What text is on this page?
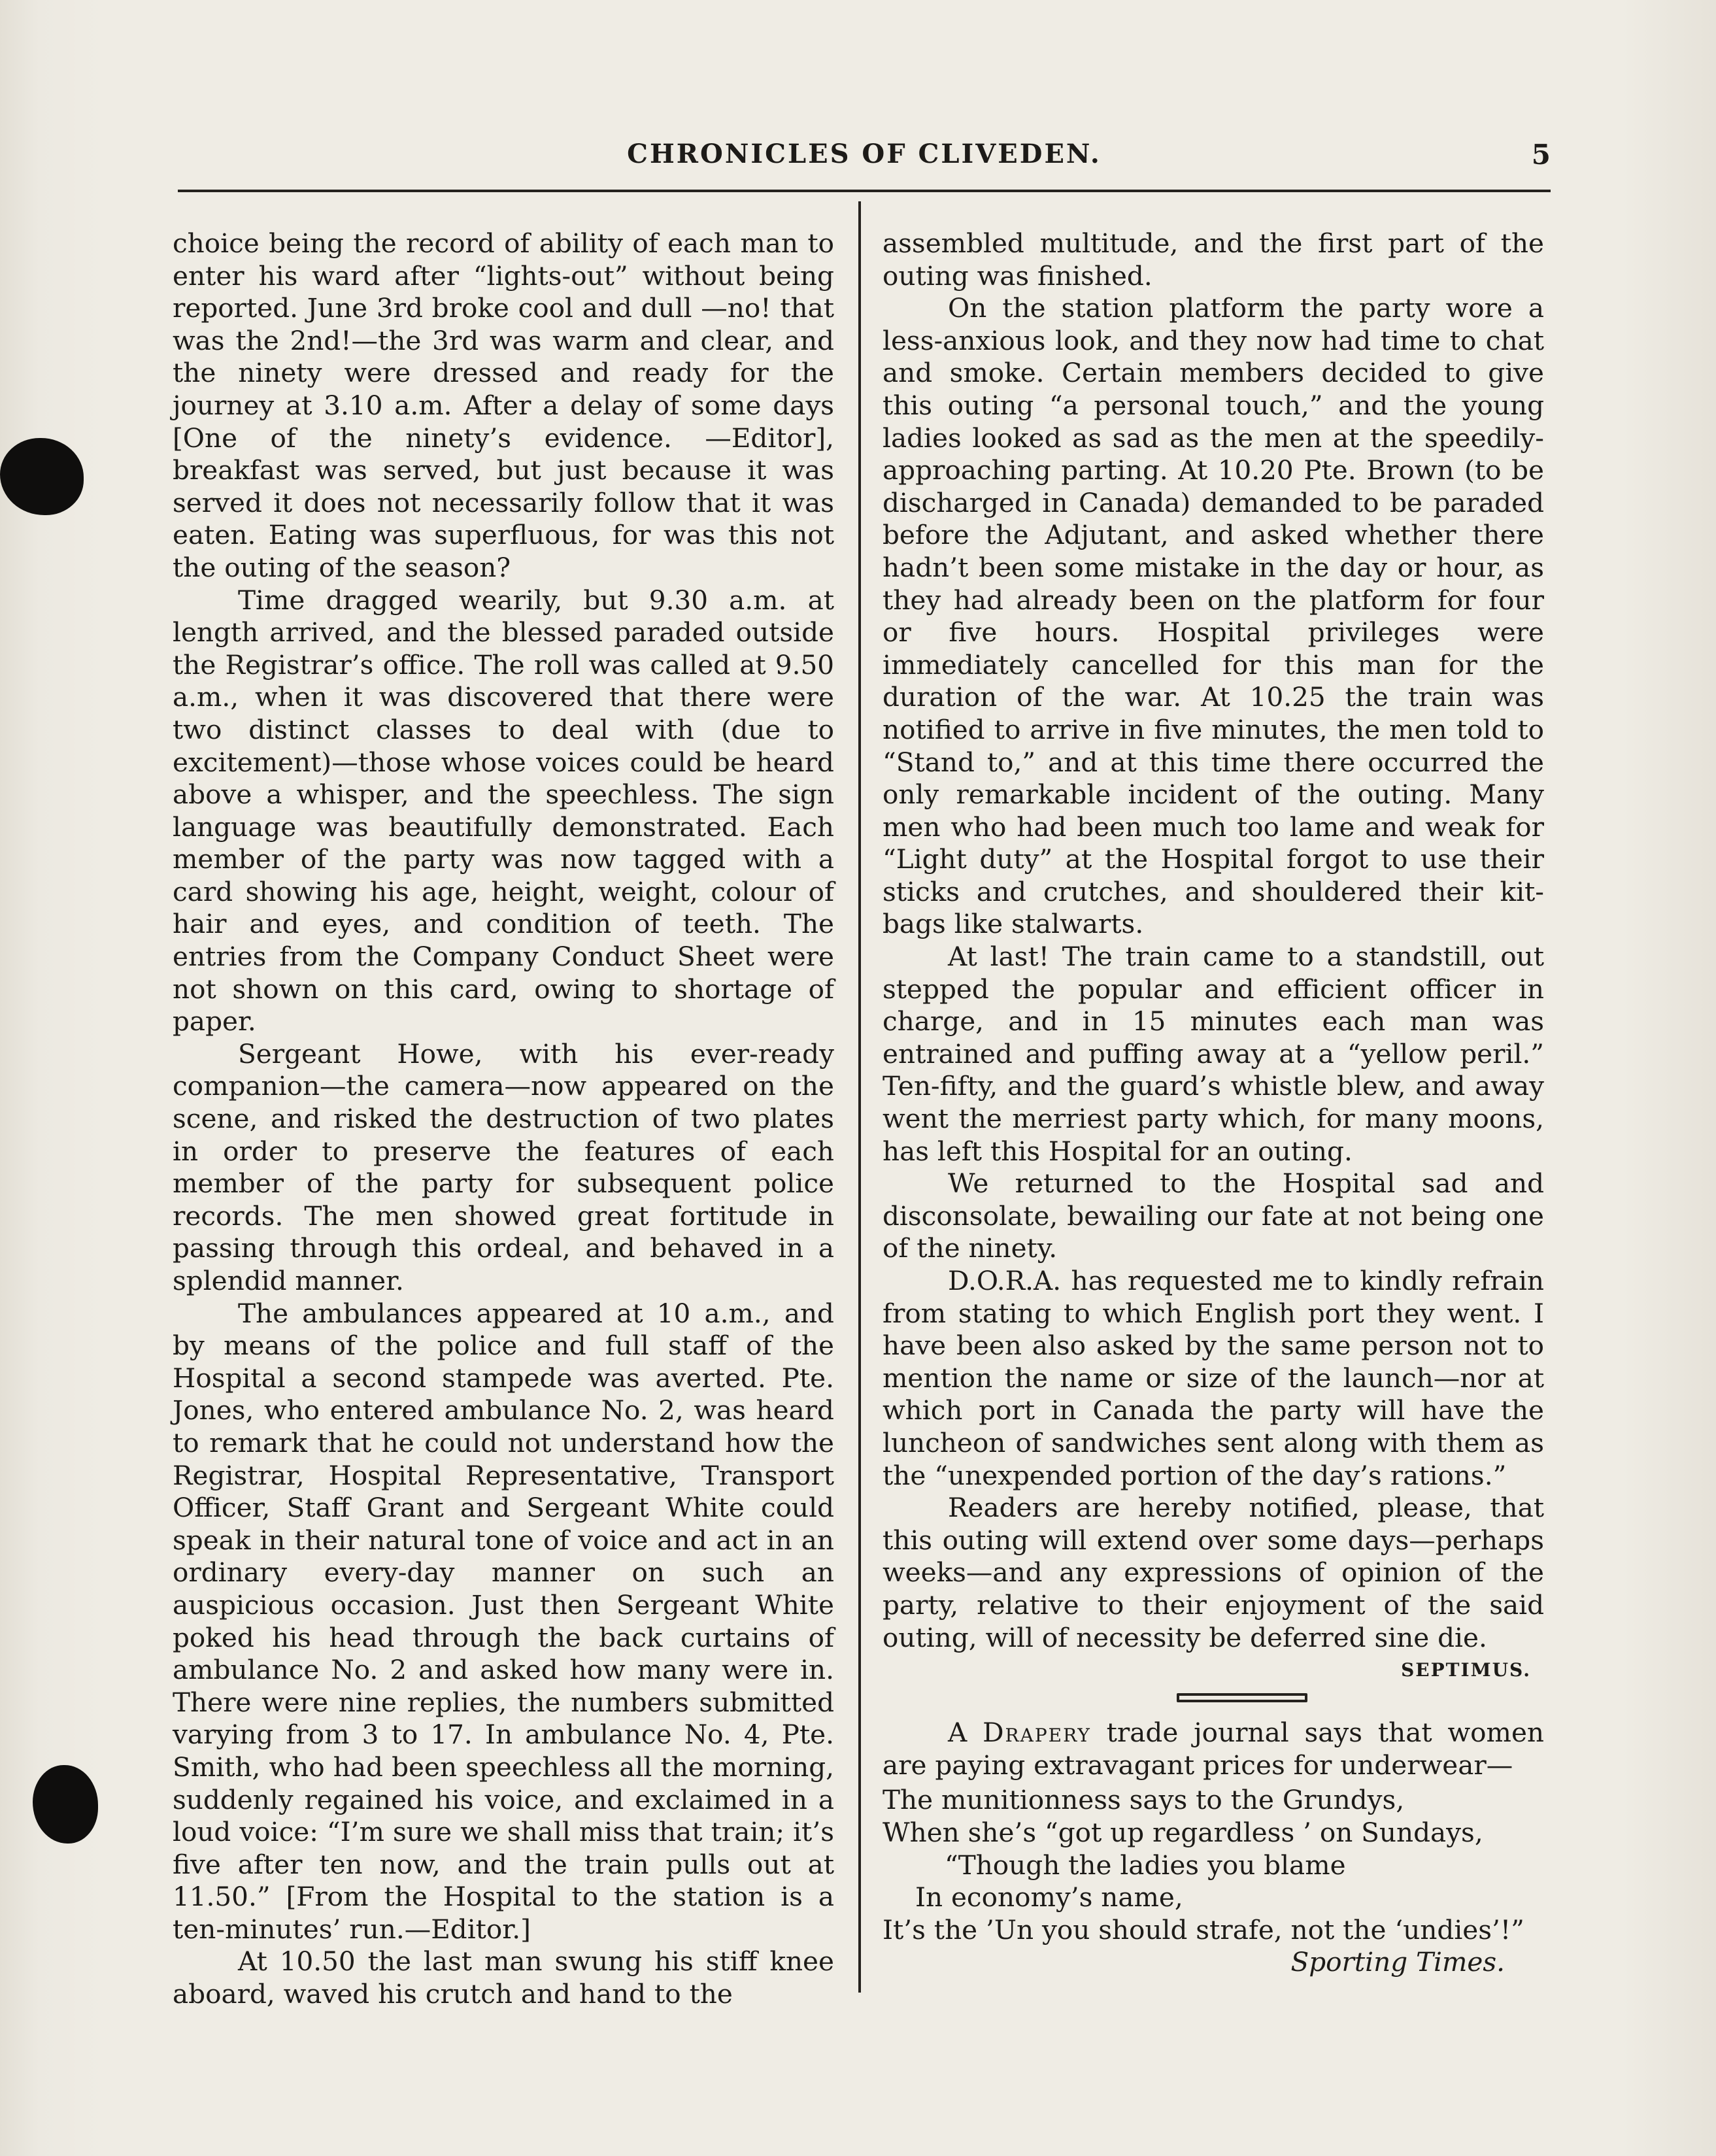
CHRONICLES OF CLIVEDEN.	5

choice being the record of ability of each man to enter his ward after “lights-out” without being reported. June 3rd broke cool and dull —no! that was the 2nd!—the 3rd was warm and clear, and the ninety were dressed and ready for the journey at 3.10 a.m. After a delay of some days [One of the ninety’s evidence. —Editor], breakfast was served, but just because it was served it does not necessarily follow that it was eaten. Eating was superfluous, for was this not the outing of the season?

Time dragged wearily, but 9.30 a.m. at length arrived, and the blessed paraded outside the Registrar’s office. The roll was called at 9.50 a.m., when it was discovered that there were two distinct classes to deal with (due to excitement)—those whose voices could be heard above a whisper, and the speechless. The sign language was beautifully demonstrated. Each member of the party was now tagged with a card showing his age, height, weight, colour of hair and eyes, and condition of teeth. The entries from the Company Conduct Sheet were not shown on this card, owing to shortage of paper.

Sergeant Howe, with his ever-ready companion—the camera—now appeared on the scene, and risked the destruction of two plates in order to preserve the features of each member of the party for subsequent police records. The men showed great fortitude in passing through this ordeal, and behaved in a splendid manner.

The ambulances appeared at 10 a.m., and by means of the police and full staff of the Hospital a second stampede was averted. Pte. Jones, who entered ambulance No. 2, was heard to remark that he could not understand how the Registrar, Hospital Representative, Transport Officer, Staff Grant and Sergeant White could speak in their natural tone of voice and act in an ordinary every-day manner on such an auspicious occasion. Just then Sergeant White poked his head through the back curtains of ambulance No. 2 and asked how many were in. There were nine replies, the numbers submitted varying from 3 to 17. In ambulance No. 4, Pte. Smith, who had been speechless all the morning, suddenly regained his voice, and exclaimed in a loud voice: “I’m sure we shall miss that train; it’s five after ten now, and the train pulls out at 11.50.” [From the Hospital to the station is a ten-minutes’ run.—Editor.]

At 10.50 the last man swung his stiff knee aboard, waved his crutch and hand to the

assembled multitude, and the first part of the outing was finished.

On the station platform the party wore a less-anxious look, and they now had time to chat and smoke. Certain members decided to give this outing “a personal touch,” and the young ladies looked as sad as the men at the speedily-approaching parting. At 10.20 Pte. Brown (to be discharged in Canada) demanded to be paraded before the Adjutant, and asked whether there hadn’t been some mistake in the day or hour, as they had already been on the platform for four or five hours. Hospital privileges were immediately cancelled for this man for the duration of the war. At 10.25 the train was notified to arrive in five minutes, the men told to “Stand to,” and at this time there occurred the only remarkable incident of the outing. Many men who had been much too lame and weak for “Light duty” at the Hospital forgot to use their sticks and crutches, and shouldered their kit-bags like stalwarts.

At last! The train came to a standstill, out stepped the popular and efficient officer in charge, and in 15 minutes each man was entrained and puffing away at a “yellow peril.” Ten-fifty, and the guard’s whistle blew, and away went the merriest party which, for many moons, has left this Hospital for an outing.

We returned to the Hospital sad and disconsolate, bewailing our fate at not being one of the ninety.

D.O.R.A. has requested me to kindly refrain from stating to which English port they went. I have been also asked by the same person not to mention the name or size of the launch—nor at which port in Canada the party will have the luncheon of sandwiches sent along with them as the “unexpended portion of the day’s rations.”

Readers are hereby notified, please, that this outing will extend over some days—perhaps weeks—and any expressions of opinion of the party, relative to their enjoyment of the said outing, will of necessity be deferred sine die.

SEPTIMUS.

A Drapery trade journal says that women are paying extravagant prices for underwear—

The munitionness says to the Grundys,
When she’s “got up regardless ’ on Sundays,
“Though the ladies you blame
In economy’s name,
It’s the ’Un you should strafe, not the ‘undies’!”
Sporting Times.
